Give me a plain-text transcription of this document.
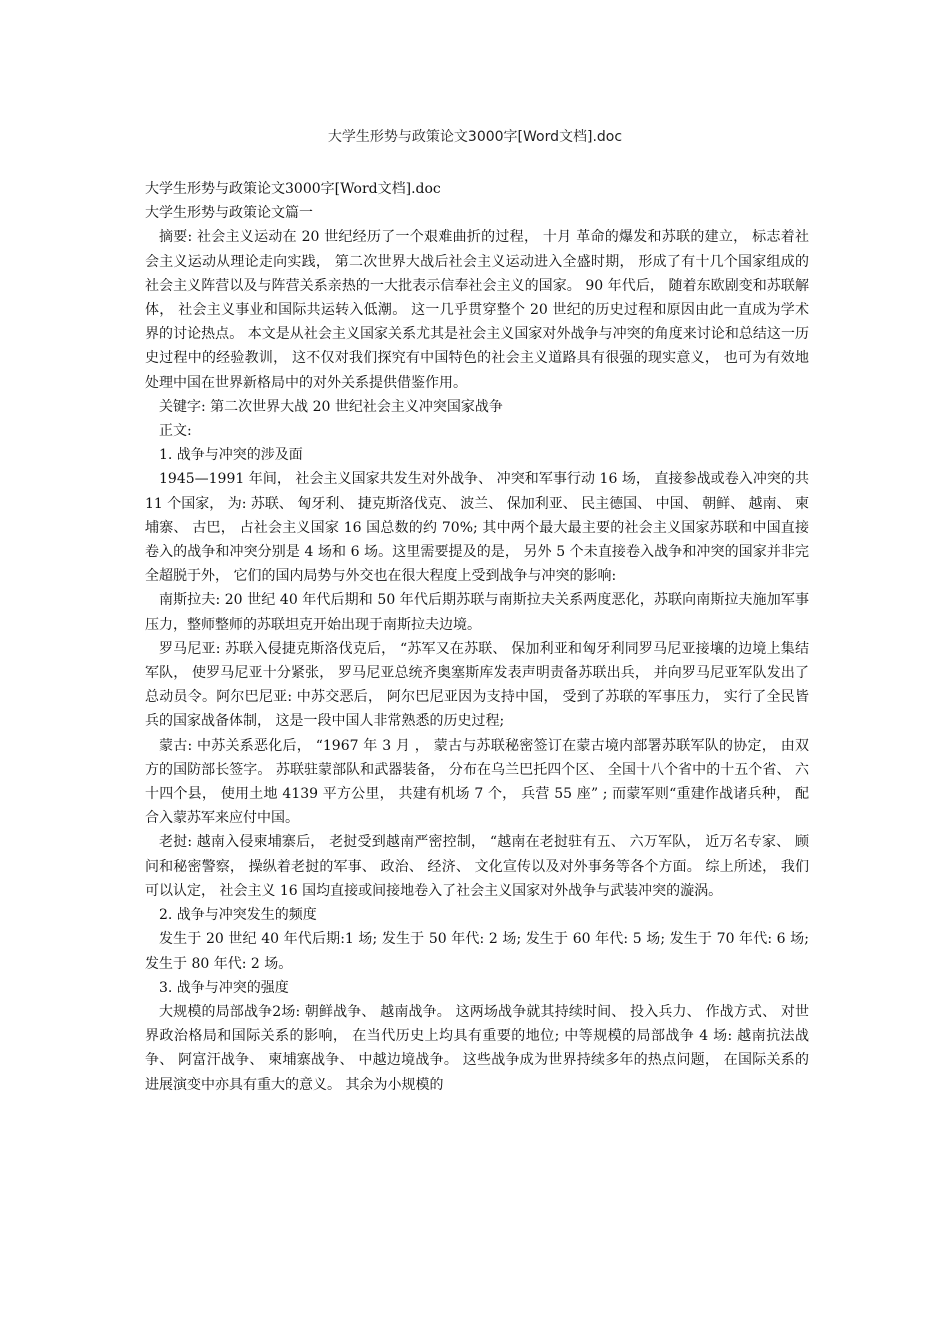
大学生形势与政策论文3000字[Word文档].doc

大学生形势与政策论文3000字[Word文档].doc

大学生形势与政策论文篇一

摘要: 社会主义运动在 20 世纪经历了一个艰难曲折的过程， 十月 革命的爆发和苏联的建立， 标志着社会主义运动从理论走向实践， 第二次世界大战后社会主义运动进入全盛时期， 形成了有十几个国家组成的社会主义阵营以及与阵营关系亲热的一大批表示信奉社会主义的国家。 90 年代后， 随着东欧剧变和苏联解体， 社会主义事业和国际共运转入低潮。 这一几乎贯穿整个 20 世纪的历史过程和原因由此一直成为学术界的讨论热点。 本文是从社会主义国家关系尤其是社会主义国家对外战争与冲突的角度来讨论和总结这一历史过程中的经验教训， 这不仅对我们探究有中国特色的社会主义道路具有很强的现实意义， 也可为有效地处理中国在世界新格局中的对外关系提供借鉴作用。

关键字: 第二次世界大战 20 世纪社会主义冲突国家战争

正文:

1. 战争与冲突的涉及面

1945—1991 年间， 社会主义国家共发生对外战争、 冲突和军事行动 16 场， 直接参战或卷入冲突的共 11 个国家， 为: 苏联、 匈牙利、 捷克斯洛伐克、 波兰、 保加利亚、 民主德国、 中国、 朝鲜、 越南、 柬埔寨、 古巴， 占社会主义国家 16 国总数的约 70%; 其中两个最大最主要的社会主义国家苏联和中国直接卷入的战争和冲突分别是 4 场和 6 场。这里需要提及的是， 另外 5 个未直接卷入战争和冲突的国家并非完全超脱于外， 它们的国内局势与外交也在很大程度上受到战争与冲突的影响:

南斯拉夫: 20 世纪 40 年代后期和 50 年代后期苏联与南斯拉夫关系两度恶化，苏联向南斯拉夫施加军事压力，整师整师的苏联坦克开始出现于南斯拉夫边境。

罗马尼亚: 苏联入侵捷克斯洛伐克后， “苏军又在苏联、 保加利亚和匈牙利同罗马尼亚接壤的边境上集结军队， 使罗马尼亚十分紧张， 罗马尼亚总统齐奥塞斯库发表声明责备苏联出兵， 并向罗马尼亚军队发出了总动员令。阿尔巴尼亚: 中苏交恶后， 阿尔巴尼亚因为支持中国， 受到了苏联的军事压力， 实行了全民皆兵的国家战备体制， 这是一段中国人非常熟悉的历史过程;

蒙古: 中苏关系恶化后， “1967 年 3 月 ， 蒙古与苏联秘密签订在蒙古境内部署苏联军队的协定， 由双方的国防部长签字。 苏联驻蒙部队和武器装备， 分布在乌兰巴托四个区、 全国十八个省中的十五个省、 六十四个县， 使用土地 4139 平方公里， 共建有机场 7 个， 兵营 55 座” ; 而蒙军则“重建作战诸兵种， 配合入蒙苏军来应付中国。

老挝: 越南入侵柬埔寨后， 老挝受到越南严密控制， “越南在老挝驻有五、 六万军队， 近万名专家、 顾问和秘密警察， 操纵着老挝的军事、 政治、 经济、 文化宣传以及对外事务等各个方面。 综上所述， 我们可以认定， 社会主义 16 国均直接或间接地卷入了社会主义国家对外战争与武装冲突的漩涡。

2. 战争与冲突发生的频度

发生于 20 世纪 40 年代后期:1 场; 发生于 50 年代: 2 场; 发生于 60 年代: 5 场; 发生于 70 年代: 6 场; 发生于 80 年代: 2 场。

3. 战争与冲突的强度

大规模的局部战争2场: 朝鲜战争、 越南战争。 这两场战争就其持续时间、 投入兵力、 作战方式、 对世界政治格局和国际关系的影响， 在当代历史上均具有重要的地位; 中等规模的局部战争 4 场: 越南抗法战争、 阿富汗战争、 柬埔寨战争、 中越边境战争。 这些战争成为世界持续多年的热点问题， 在国际关系的进展演变中亦具有重大的意义。 其余为小规模的
